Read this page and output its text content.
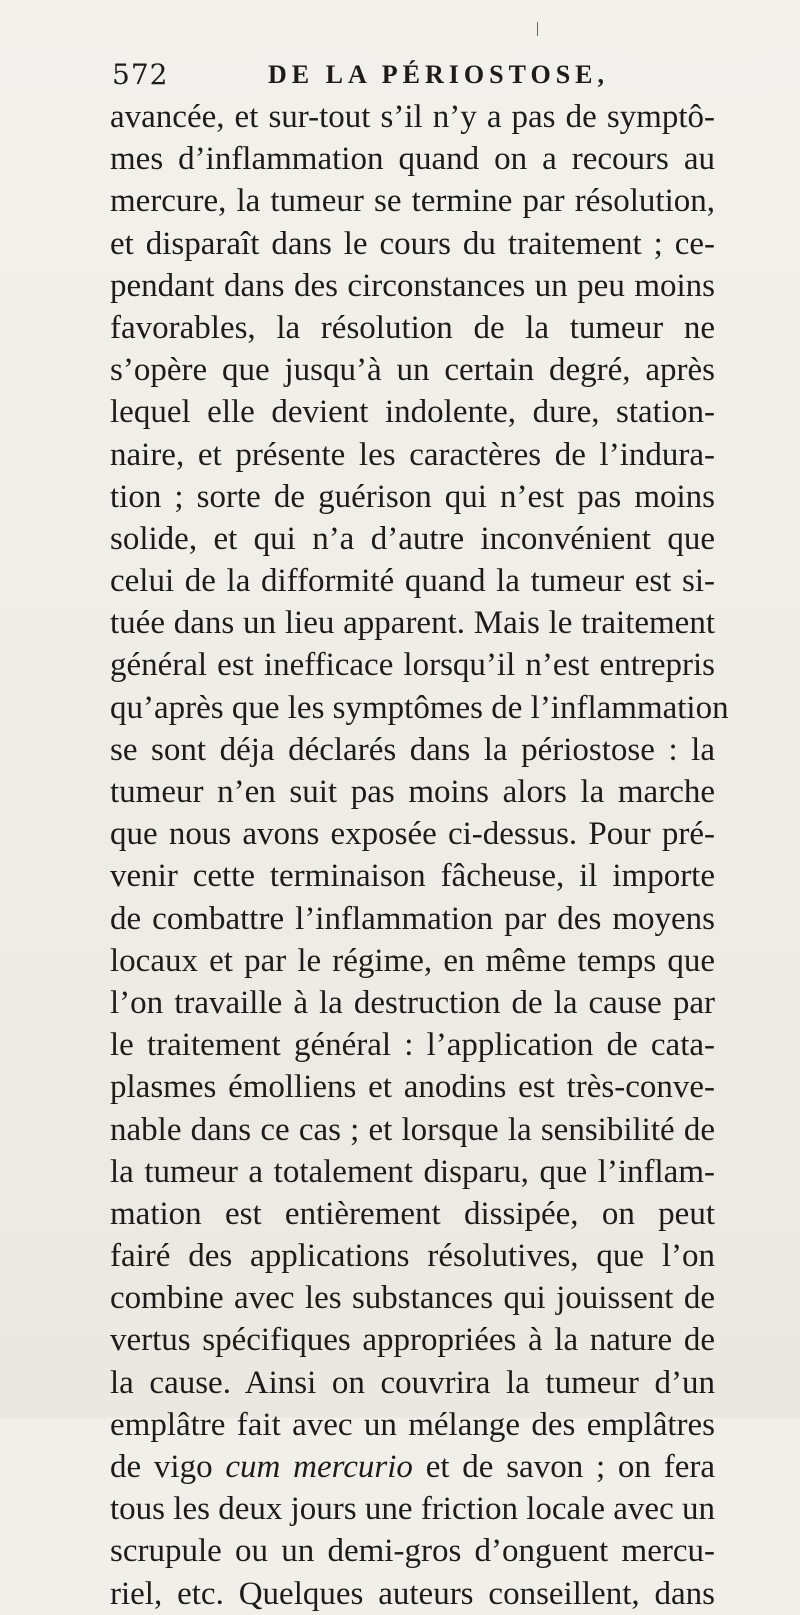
572	DE LA PÉRIOSTOSE,
avancée, et sur-tout s’il n’y a pas de symptô-
mes d’inflammation quand on a recours au
mercure, la tumeur se termine par résolution,
et disparaît dans le cours du traitement ; ce-
pendant dans des circonstances un peu moins
favorables, la résolution de la tumeur ne
s’opère que jusqu’à un certain degré, après
lequel elle devient indolente, dure, station-
naire, et présente les caractères de l’indura-
tion ; sorte de guérison qui n’est pas moins
solide, et qui n’a d’autre inconvénient que
celui de la difformité quand la tumeur est si-
tuée dans un lieu apparent. Mais le traitement
général est inefficace lorsqu’il n’est entrepris
qu’après que les symptômes de l’inflammation
se sont déja déclarés dans la périostose : la
tumeur n’en suit pas moins alors la marche
que nous avons exposée ci-dessus. Pour pré-
venir cette terminaison fâcheuse, il importe
de combattre l’inflammation par des moyens
locaux et par le régime, en même temps que
l’on travaille à la destruction de la cause par
le traitement général : l’application de cata-
plasmes émolliens et anodins est très-conve-
nable dans ce cas ; et lorsque la sensibilité de
la tumeur a totalement disparu, que l’inflam-
mation est entièrement dissipée, on peut
fairé des applications résolutives, que l’on
combine avec les substances qui jouissent de
vertus spécifiques appropriées à la nature de
la cause. Ainsi on couvrira la tumeur d’un
emplâtre fait avec un mélange des emplâtres
de vigo cum mercurio et de savon ; on fera
tous les deux jours une friction locale avec un
scrupule ou un demi-gros d’onguent mercu-
riel, etc. Quelques auteurs conseillent, dans
